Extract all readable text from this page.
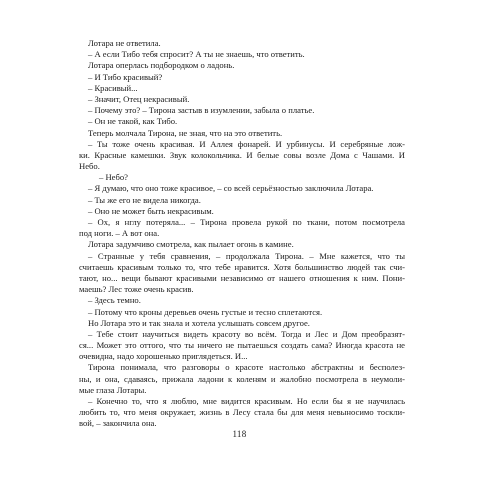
Лотара не ответила.
– А если Тибо тебя спросит? А ты не знаешь, что ответить.
Лотара оперлась подбородком о ладонь.
– И Тибо красивый?
– Красивый...
– Значит, Отец некрасивый.
– Почему это? – Тирона застыв в изумлении, забыла о платье.
– Он не такой, как Тибо.
Теперь молчала Тирона, не зная, что на это ответить.
– Ты тоже очень красивая. И Аллея фонарей. И урбинусы. И серебряные лож-
ки. Красные камешки. Звук колокольчика. И белые совы возле Дома с Чашами. И
Небо.
– Небо?
– Я думаю, что оно тоже красивое, – со всей серьёзностью заключила Лотара.
– Ты же его не видела никогда.
– Оно не может быть некрасивым.
– Ох, я нглу потеряла... – Тирона провела рукой по ткани, потом посмотрела
под ноги. – А вот она.
Лотара задумчиво смотрела, как пылает огонь в камине.
– Странные у тебя сравнения, – продолжала Тирона. – Мне кажется, что ты
считаешь красивым только то, что тебе нравится. Хотя большинство людей так счи-
тают, но... вещи бывают красивыми независимо от нашего отношения к ним. Пони-
маешь? Лес тоже очень красив.
– Здесь темно.
– Потому что кроны деревьев очень густые и тесно сплетаются.
Но Лотара это и так знала и хотела услышать совсем другое.
– Тебе стоит научиться видеть красоту во всём. Тогда и Лес и Дом преобразят-
ся... Может это оттого, что ты ничего не пытаешься создать сама? Иногда красота не
очевидна, надо хорошенько приглядеться. И...
Тирона понимала, что разговоры о красоте настолько абстрактны и бесполез-
ны, и она, сдаваясь, прижала ладони к коленям и жалобно посмотрела в неумоли-
мые глаза Лотары.
– Конечно то, что я люблю, мне видится красивым. Но если бы я не научилась
любить то, что меня окружает, жизнь в Лесу стала бы для меня невыносимо тоскли-
вой, – закончила она.
118
